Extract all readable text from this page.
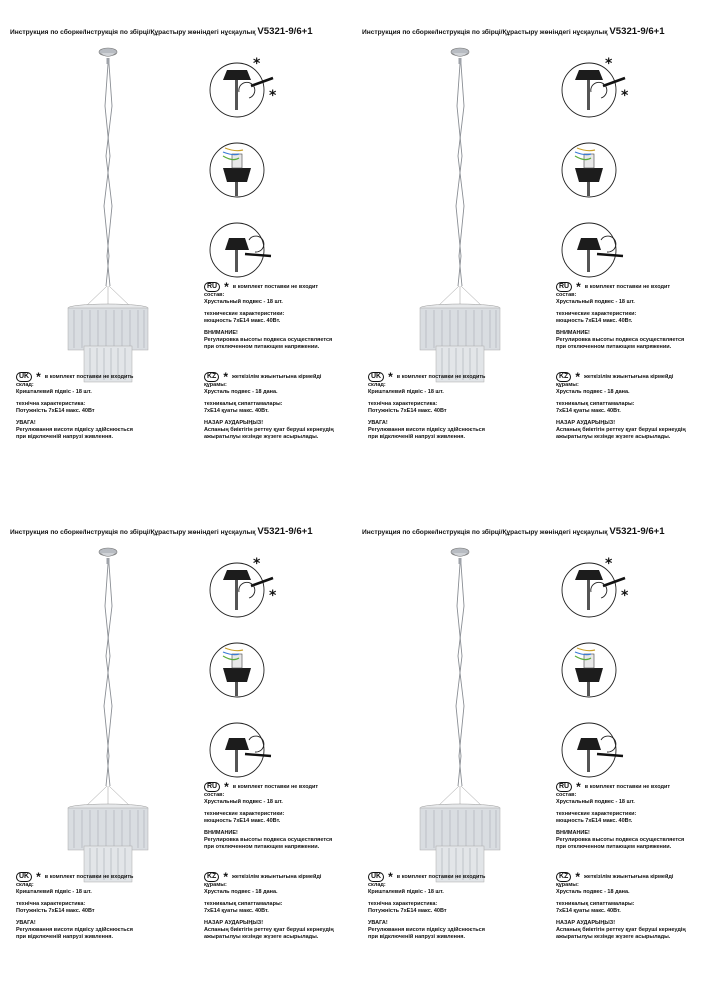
Инструкция по сборке/Інструкція по збірці/Құрастыру жөніндегі нұсқаулық V5321-9/6+1
*
*
RU * в комплект поставки не входит
состав:
Хрустальный подвес - 18 шт.
технические характеристики:
мощность 7хЕ14 макс. 40Вт.
ВНИМАНИЕ!
Регулировка высоты подвеса осуществляется
при отключенном питающем напряжении.
KZ * жеткізілім жиынтығына кірмейді
құрамы:
Хрусталь подвес - 18 дана.
техникалық сипаттамалары:
7хЕ14 қуаты макс. 40Вт.
НАЗАР АУДАРЫҢЫЗ!
Аспаның биіктігін реттеу қуат беруші кернеудің
ажыратылуы кезінде жүзеге асырылады.
UK * в комплект поставки не входить
склад:
Кришталевий підвіс - 18 шт.
технічна характеристика:
Потужність 7хЕ14 макс. 40Вт
УВАГА!
Регулювання висоти підвісу здійснюється
при відключеній напрузі живлення.
Инструкция по сборке/Інструкція по збірці/Құрастыру жөніндегі нұсқаулық V5321-9/6+1
*
*
RU * в комплект поставки не входит
состав:
Хрустальный подвес - 18 шт.
технические характеристики:
мощность 7хЕ14 макс. 40Вт.
ВНИМАНИЕ!
Регулировка высоты подвеса осуществляется
при отключенном питающем напряжении.
KZ * жеткізілім жиынтығына кірмейді
құрамы:
Хрусталь подвес - 18 дана.
техникалық сипаттамалары:
7хЕ14 қуаты макс. 40Вт.
НАЗАР АУДАРЫҢЫЗ!
Аспаның биіктігін реттеу қуат беруші кернеудің
ажыратылуы кезінде жүзеге асырылады.
UK * в комплект поставки не входить
склад:
Кришталевий підвіс - 18 шт.
технічна характеристика:
Потужність 7хЕ14 макс. 40Вт
УВАГА!
Регулювання висоти підвісу здійснюється
при відключеній напрузі живлення.
Инструкция по сборке/Інструкція по збірці/Құрастыру жөніндегі нұсқаулық V5321-9/6+1
*
*
RU * в комплект поставки не входит
состав:
Хрустальный подвес - 18 шт.
технические характеристики:
мощность 7хЕ14 макс. 40Вт.
ВНИМАНИЕ!
Регулировка высоты подвеса осуществляется
при отключенном питающем напряжении.
KZ * жеткізілім жиынтығына кірмейді
құрамы:
Хрусталь подвес - 18 дана.
техникалық сипаттамалары:
7хЕ14 қуаты макс. 40Вт.
НАЗАР АУДАРЫҢЫЗ!
Аспаның биіктігін реттеу қуат беруші кернеудің
ажыратылуы кезінде жүзеге асырылады.
UK * в комплект поставки не входить
склад:
Кришталевий підвіс - 18 шт.
технічна характеристика:
Потужність 7хЕ14 макс. 40Вт
УВАГА!
Регулювання висоти підвісу здійснюється
при відключеній напрузі живлення.
Инструкция по сборке/Інструкція по збірці/Құрастыру жөніндегі нұсқаулық V5321-9/6+1
*
*
RU * в комплект поставки не входит
состав:
Хрустальный подвес - 18 шт.
технические характеристики:
мощность 7хЕ14 макс. 40Вт.
ВНИМАНИЕ!
Регулировка высоты подвеса осуществляется
при отключенном питающем напряжении.
KZ * жеткізілім жиынтығына кірмейді
құрамы:
Хрусталь подвес - 18 дана.
техникалық сипаттамалары:
7хЕ14 қуаты макс. 40Вт.
НАЗАР АУДАРЫҢЫЗ!
Аспаның биіктігін реттеу қуат беруші кернеудің
ажыратылуы кезінде жүзеге асырылады.
UK * в комплект поставки не входить
склад:
Кришталевий підвіс - 18 шт.
технічна характеристика:
Потужність 7хЕ14 макс. 40Вт
УВАГА!
Регулювання висоти підвісу здійснюється
при відключеній напрузі живлення.
